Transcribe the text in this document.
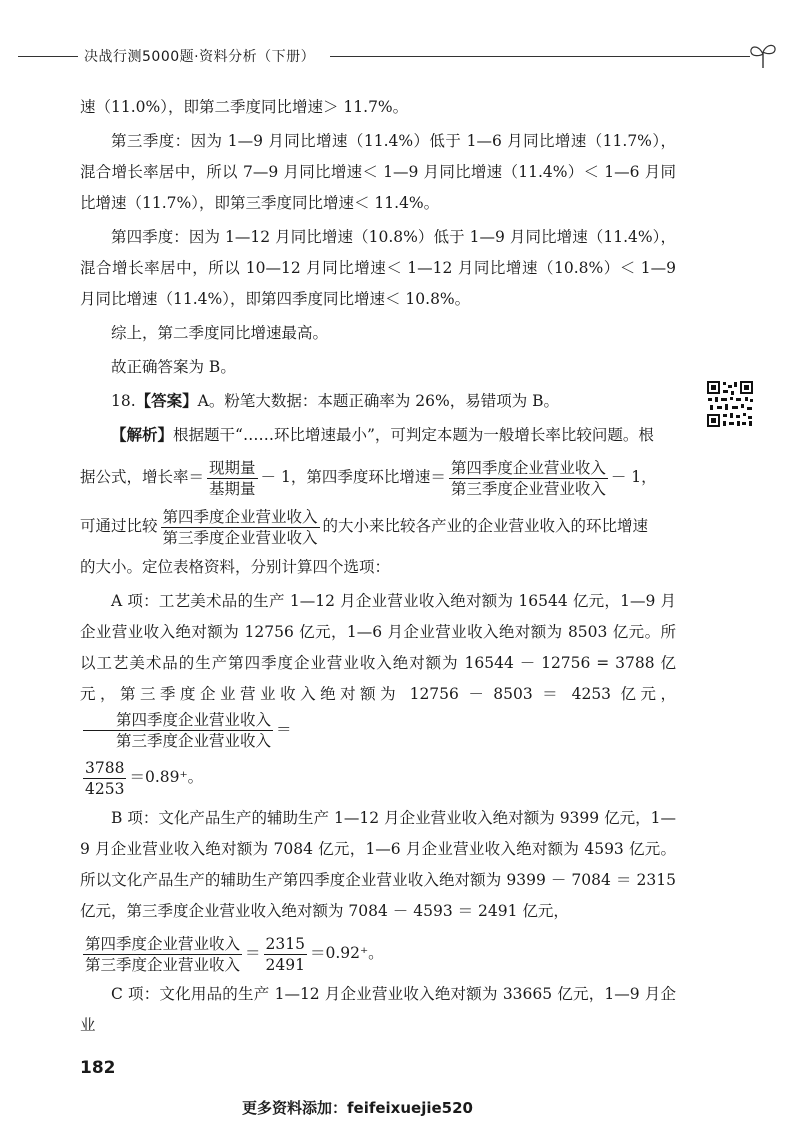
决战行测5000题·资料分析（下册）

速（11.0%），即第二季度同比增速＞ 11.7%。

第三季度：因为 1—9 月同比增速（11.4%）低于 1—6 月同比增速（11.7%），混合增长率居中，所以 7—9 月同比增速＜ 1—9 月同比增速（11.4%）＜ 1—6 月同比增速（11.7%），即第三季度同比增速＜ 11.4%。

第四季度：因为 1—12 月同比增速（10.8%）低于 1—9 月同比增速（11.4%），混合增长率居中，所以 10—12 月同比增速＜ 1—12 月同比增速（10.8%）＜ 1—9 月同比增速（11.4%），即第四季度同比增速＜ 10.8%。

综上，第二季度同比增速最高。

故正确答案为 B。

18.【答案】A。粉笔大数据：本题正确率为 26%，易错项为 B。

【解析】根据题干“……环比增速最小”，可判定本题为一般增长率比较问题。根

据公式，增长率＝ $\frac{\text{现期量}}{\text{基期量}} - 1$，第四季度环比增速＝ $\frac{\text{第四季度企业营业收入}}{\text{第三季度企业营业收入}} - 1$，

可通过比较 $\frac{\text{第四季度企业营业收入}}{\text{第三季度企业营业收入}}$ 的大小来比较各产业的企业营业收入的环比增速

的大小。定位表格资料，分别计算四个选项：

A 项：工艺美术品的生产 1—12 月企业营业收入绝对额为 16544 亿元，1—9 月企业营业收入绝对额为 12756 亿元，1—6 月企业营业收入绝对额为 8503 亿元。所以工艺美术品的生产第四季度企业营业收入绝对额为 16544 － 12756 = 3788 亿元，第三季度企业营业收入绝对额为 12756 － 8503 ＝ 4253 亿元，
$\frac{\text{第四季度企业营业收入}}{\text{第三季度企业营业收入}}$ ＝

$\frac{3788}{4253} =0.89^+$。

B 项：文化产品生产的辅助生产 1—12 月企业营业收入绝对额为 9399 亿元，1—9 月企业营业收入绝对额为 7084 亿元，1—6 月企业营业收入绝对额为 4593 亿元。所以文化产品生产的辅助生产第四季度企业营业收入绝对额为 9399 － 7084 ＝ 2315 亿元，第三季度企业营业收入绝对额为 7084 － 4593 ＝ 2491 亿元，

$\frac{\text{第四季度企业营业收入}}{\text{第三季度企业营业收入}} = \frac{2315}{2491} =0.92^+$。

C 项：文化用品的生产 1—12 月企业营业收入绝对额为 33665 亿元，1—9 月企业

182
更多资料添加：feifeixuejie520
